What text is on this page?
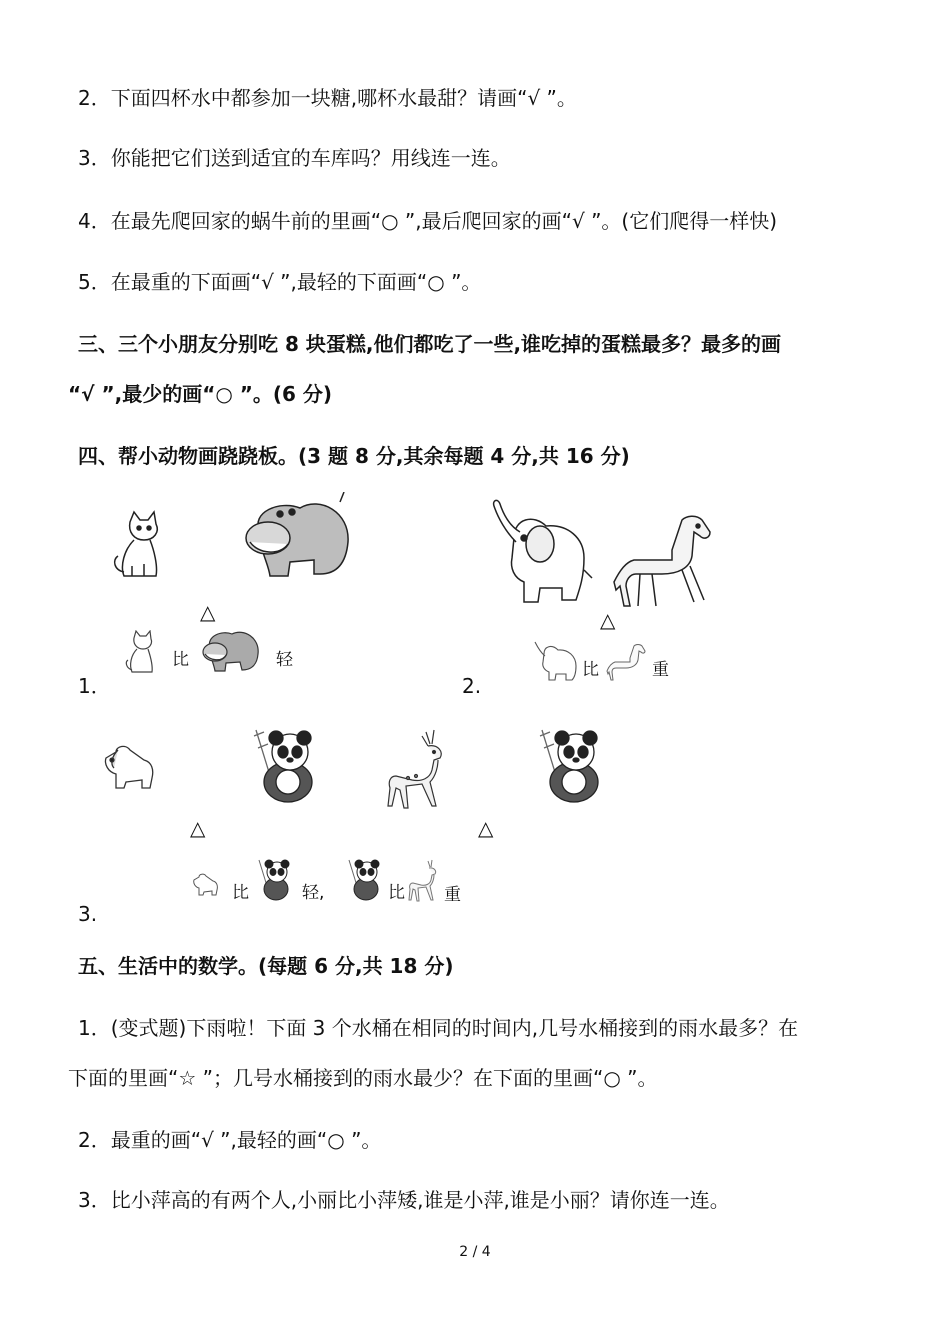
2．下面四杯水中都参加一块糖,哪杯水最甜？请画“√ ”。
3．你能把它们送到适宜的车库吗？用线连一连。
4．在最先爬回家的蜗牛前的里画“○ ”,最后爬回家的画“√ ”。(它们爬得一样快)
5．在最重的下面画“√ ”,最轻的下面画“○ ”。
三、三个小朋友分别吃 8 块蛋糕,他们都吃了一些,谁吃掉的蛋糕最多？最多的画
“√ ”,最少的画“○ ”。(6 分)
四、帮小动物画跷跷板。(3 题 8 分,其余每题 4 分,共 16 分)
△
比	轻
1．
△
比	重
2.
△	△
比	轻,	比 重
3.
五、生活中的数学。(每题 6 分,共 18 分)
1．(变式题)下雨啦！下面 3 个水桶在相同的时间内,几号水桶接到的雨水最多？在
下面的里画“☆ ”；几号水桶接到的雨水最少？在下面的里画“○ ”。
2．最重的画“√ ”,最轻的画“○ ”。
3．比小萍高的有两个人,小丽比小萍矮,谁是小萍,谁是小丽？请你连一连。
2 / 4
